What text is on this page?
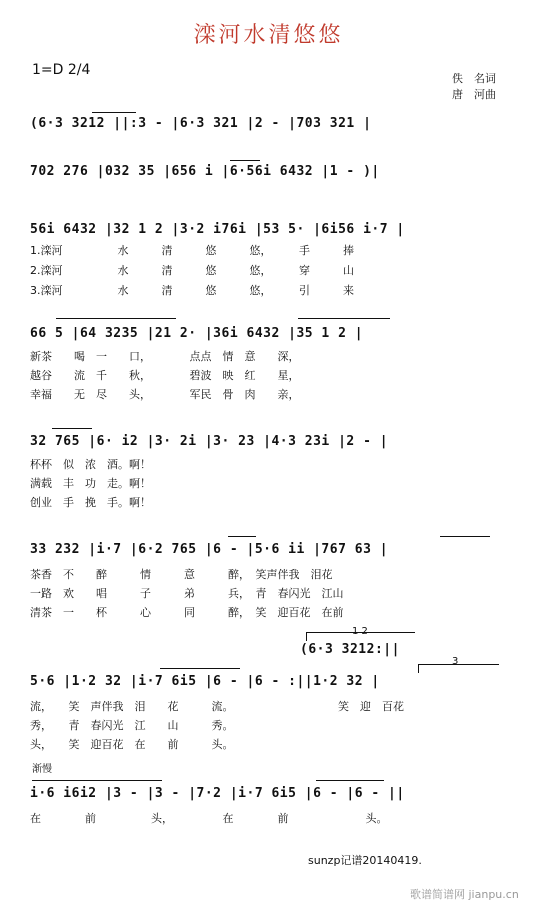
滦河水清悠悠
1=D 2/4
佚　名词
唐　河曲
(6·3 3212 ||:3 - |6·3 321 |2 - |703 321 |
702 276 |032 35 |656 i |6·56i 6432 |1 - )|
56i 6432 |32 1 2 |3·2 i76i |53 5· |6i56 i·7 |
1.滦河　　　　　水　　　清　　　悠　　　悠，　　　手　　　捧
2.滦河　　　　　水　　　清　　　悠　　　悠，　　　穿　　　山
3.滦河　　　　　水　　　清　　　悠　　　悠，　　　引　　　来
66 5 |64 3235 |21 2· |36i 6432 |35 1 2 |
新茶　　喝　一　　口，　　　　点点　情　意　　深，
越谷　　流　千　　秋，　　　　碧波　映　红　　星，
幸福　　无　尽　　头，　　　　军民　骨　肉　　亲，
32 765 |6· i2 |3· 2i |3· 23 |4·3 23i |2 - |
杯杯　似　浓　酒。啊！
满载　丰　功　走。啊！
创业　手　挽　手。啊！
33 232 |i·7 |6·2 765 |6 - |5·6 ii |767 63 |
茶香　不　　醉　　　情　　　意　　　醉，　笑声伴我　泪花
一路　欢　　唱　　　子　　　弟　　　兵，　青　春闪光　江山
清茶　一　　杯　　　心　　　同　　　醉，　笑　迎百花　在前
1 2
(6·3 3212:||
3
5·6 |1·2 32 |i·7 6i5 |6 - |6 - :||1·2 32 |
流，　　笑　声伴我　泪　　花　　　流。　　　　　　　　　　笑　迎　百花
秀，　　青　春闪光　江　　山　　　秀。
头，　　笑　迎百花　在　　前　　　头。
渐慢
i·6 i6i2 |3 - |3 - |7·2 |i·7 6i5 |6 - |6 - ||
在　　　　前　　　　　头，　　　　　在　　　　前　　　　　　　头。
sunzp记谱20140419.
歌谱简谱网 jianpu.cn
